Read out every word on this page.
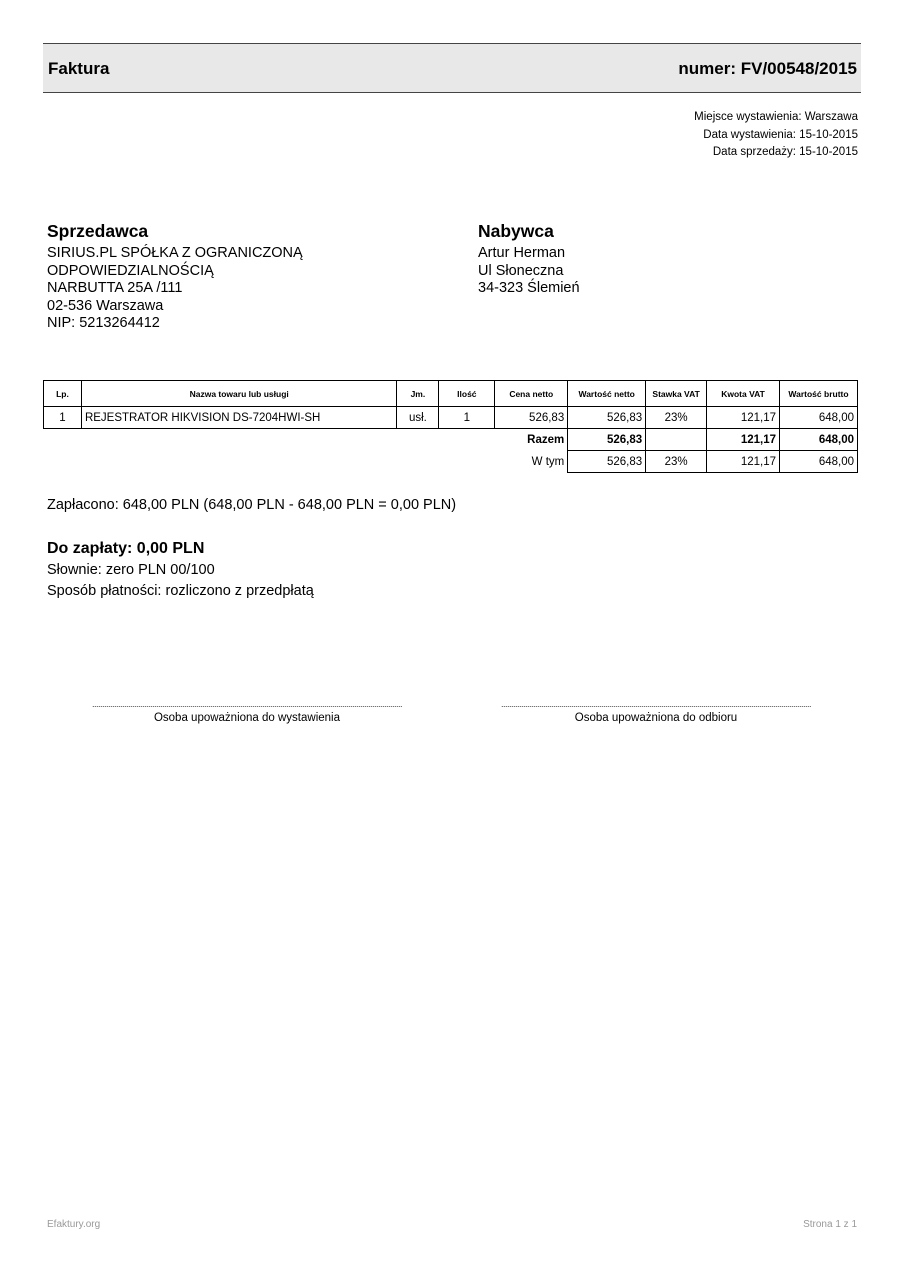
Faktura	numer: FV/00548/2015
Miejsce wystawienia: Warszawa
Data wystawienia: 15-10-2015
Data sprzedaży: 15-10-2015
Sprzedawca
SIRIUS.PL SPÓŁKA Z OGRANICZONĄ
ODPOWIEDZIALNOŚCIĄ
NARBUTTA 25A /111
02-536 Warszawa
NIP: 5213264412
Nabywca
Artur Herman
Ul Słoneczna
34-323 Ślemień
Lp.	Nazwa towaru lub usługi	Jm.	Ilość	Cena netto	Wartość netto	Stawka VAT	Kwota VAT	Wartość brutto
1	REJESTRATOR HIKVISION DS-7204HWI-SH	usł.	1	526,83	526,83	23%	121,17	648,00
				Razem	526,83		121,17	648,00
				W tym	526,83	23%	121,17	648,00
Zapłacono: 648,00 PLN (648,00 PLN - 648,00 PLN = 0,00 PLN)
Do zapłaty: 0,00 PLN
Słownie: zero PLN 00/100
Sposób płatności: rozliczono z przedpłatą
...........................................................................................................................................................
Osoba upoważniona do wystawienia
...........................................................................................................................................................
Osoba upoważniona do odbioru
Efaktury.org	Strona 1 z 1
